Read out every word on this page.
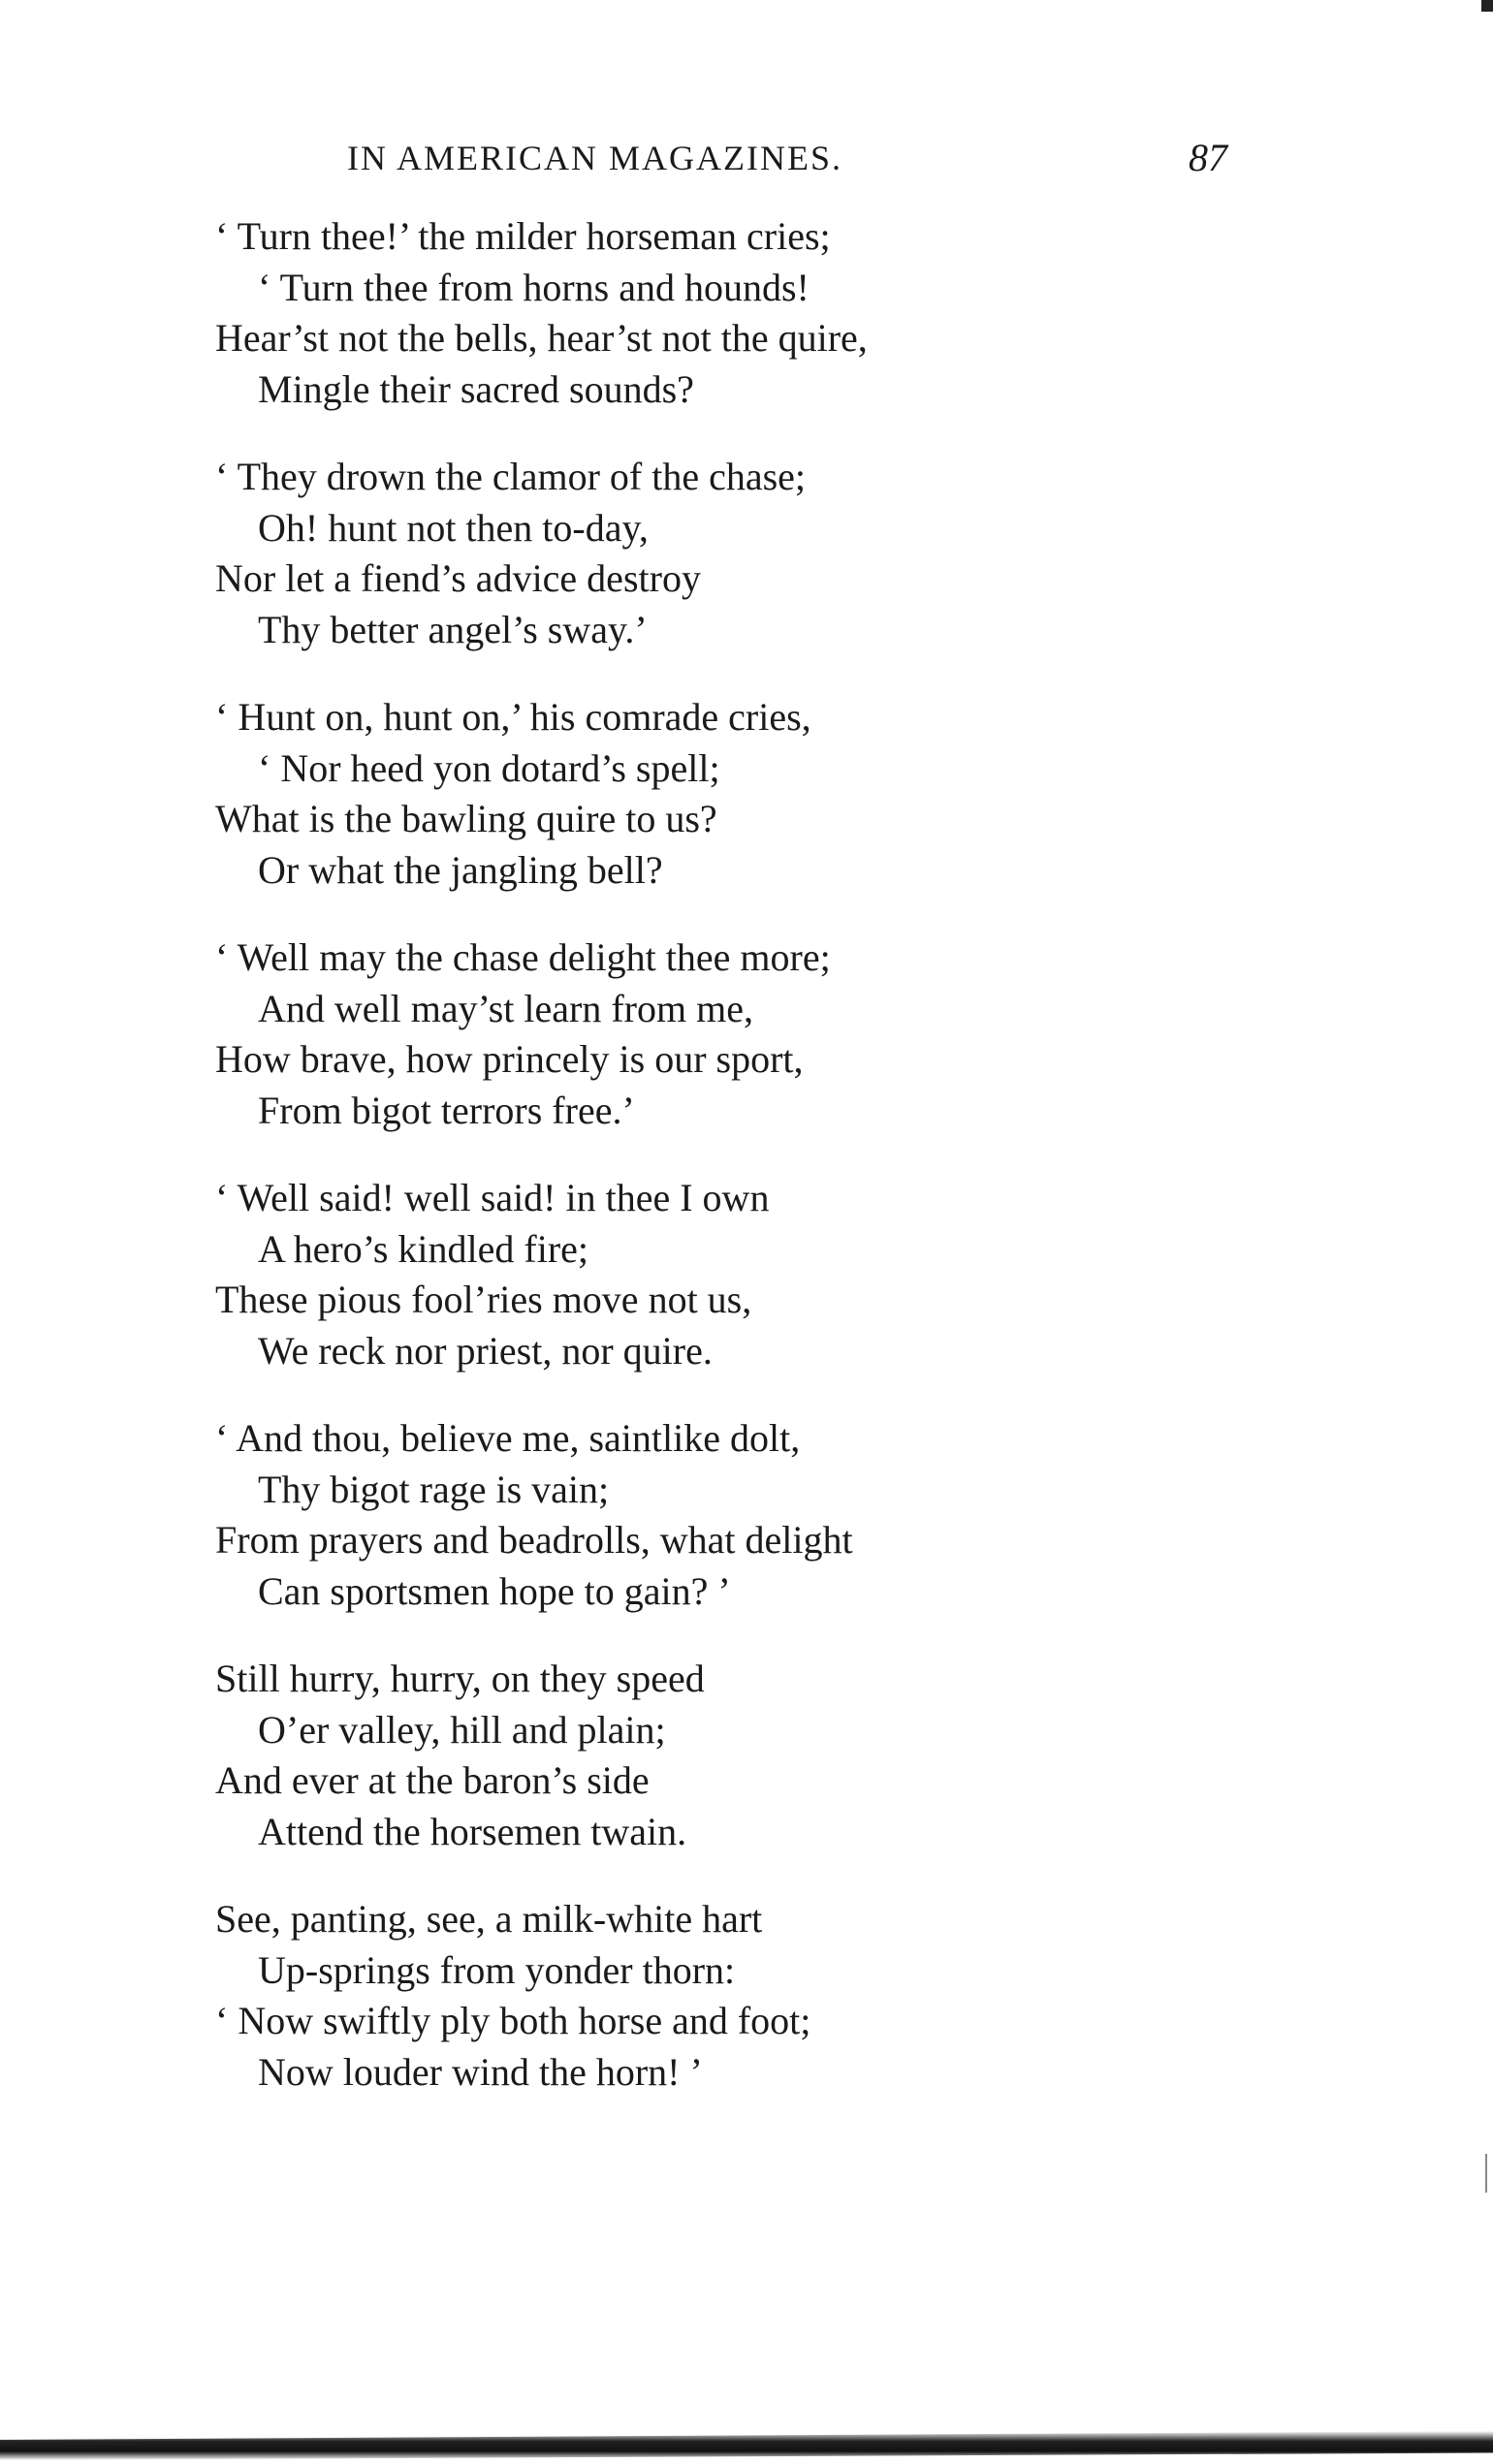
IN AMERICAN MAGAZINES.	87
‘ Turn thee!’ the milder horseman cries;
‘ Turn thee from horns and hounds!
Hear’st not the bells, hear’st not the quire,
Mingle their sacred sounds?
‘ They drown the clamor of the chase;
Oh! hunt not then to-day,
Nor let a fiend’s advice destroy
Thy better angel’s sway.’
‘ Hunt on, hunt on,’ his comrade cries,
‘ Nor heed yon dotard’s spell;
What is the bawling quire to us?
Or what the jangling bell?
‘ Well may the chase delight thee more;
And well may’st learn from me,
How brave, how princely is our sport,
From bigot terrors free.’
‘ Well said! well said! in thee I own
A hero’s kindled fire;
These pious fool’ries move not us,
We reck nor priest, nor quire.
‘ And thou, believe me, saintlike dolt,
Thy bigot rage is vain;
From prayers and beadrolls, what delight
Can sportsmen hope to gain? ’
Still hurry, hurry, on they speed
O’er valley, hill and plain;
And ever at the baron’s side
Attend the horsemen twain.
See, panting, see, a milk-white hart
Up-springs from yonder thorn:
‘ Now swiftly ply both horse and foot;
Now louder wind the horn! ’
